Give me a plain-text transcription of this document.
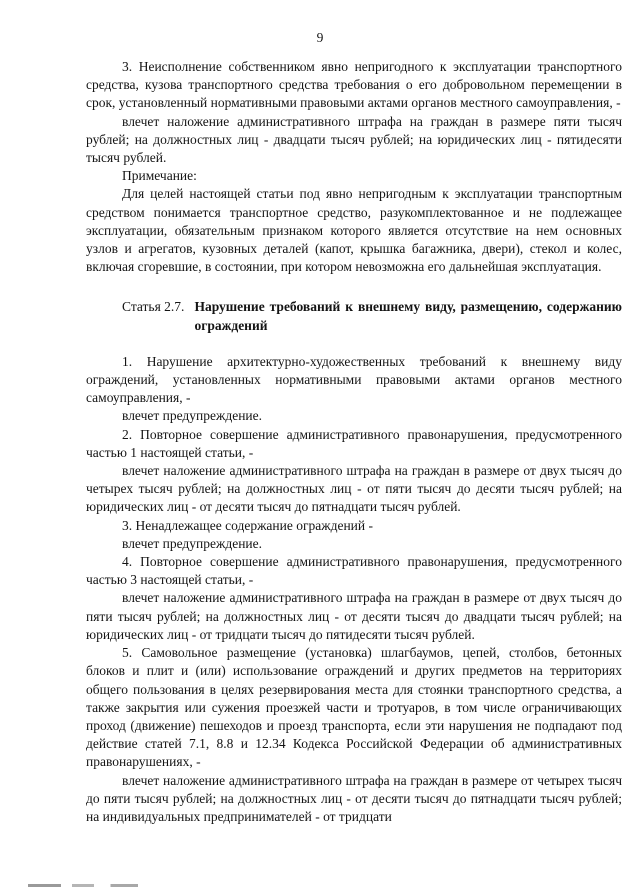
9
3. Неисполнение собственником явно непригодного к эксплуатации транспортного средства, кузова транспортного средства требования о его добровольном перемещении в срок, установленный нормативными правовыми актами органов местного самоуправления, -
влечет наложение административного штрафа на граждан в размере пяти тысяч рублей; на должностных лиц - двадцати тысяч рублей; на юридических лиц - пятидесяти тысяч рублей.
Примечание:
Для целей настоящей статьи под явно непригодным к эксплуатации транспортным средством понимается транспортное средство, разукомплектованное и не подлежащее эксплуатации, обязательным признаком которого является отсутствие на нем основных узлов и агрегатов, кузовных деталей (капот, крышка багажника, двери), стекол и колес, включая сгоревшие, в состоянии, при котором невозможна его дальнейшая эксплуатация.
Статья 2.7. Нарушение требований к внешнему виду, размещению, содержанию ограждений
1. Нарушение архитектурно-художественных требований к внешнему виду ограждений, установленных нормативными правовыми актами органов местного самоуправления, -
влечет предупреждение.
2. Повторное совершение административного правонарушения, предусмотренного частью 1 настоящей статьи, -
влечет наложение административного штрафа на граждан в размере от двух тысяч до четырех тысяч рублей; на должностных лиц - от пяти тысяч до десяти тысяч рублей; на юридических лиц - от десяти тысяч до пятнадцати тысяч рублей.
3. Ненадлежащее содержание ограждений -
влечет предупреждение.
4. Повторное совершение административного правонарушения, предусмотренного частью 3 настоящей статьи, -
влечет наложение административного штрафа на граждан в размере от двух тысяч до пяти тысяч рублей; на должностных лиц - от десяти тысяч до двадцати тысяч рублей; на юридических лиц - от тридцати тысяч до пятидесяти тысяч рублей.
5. Самовольное размещение (установка) шлагбаумов, цепей, столбов, бетонных блоков и плит и (или) использование ограждений и других предметов на территориях общего пользования в целях резервирования места для стоянки транспортного средства, а также закрытия или сужения проезжей части и тротуаров, в том числе ограничивающих проход (движение) пешеходов и проезд транспорта, если эти нарушения не подпадают под действие статей 7.1, 8.8 и 12.34 Кодекса Российской Федерации об административных правонарушениях, -
влечет наложение административного штрафа на граждан в размере от четырех тысяч до пяти тысяч рублей; на должностных лиц - от десяти тысяч до пятнадцати тысяч рублей; на индивидуальных предпринимателей - от тридцати
